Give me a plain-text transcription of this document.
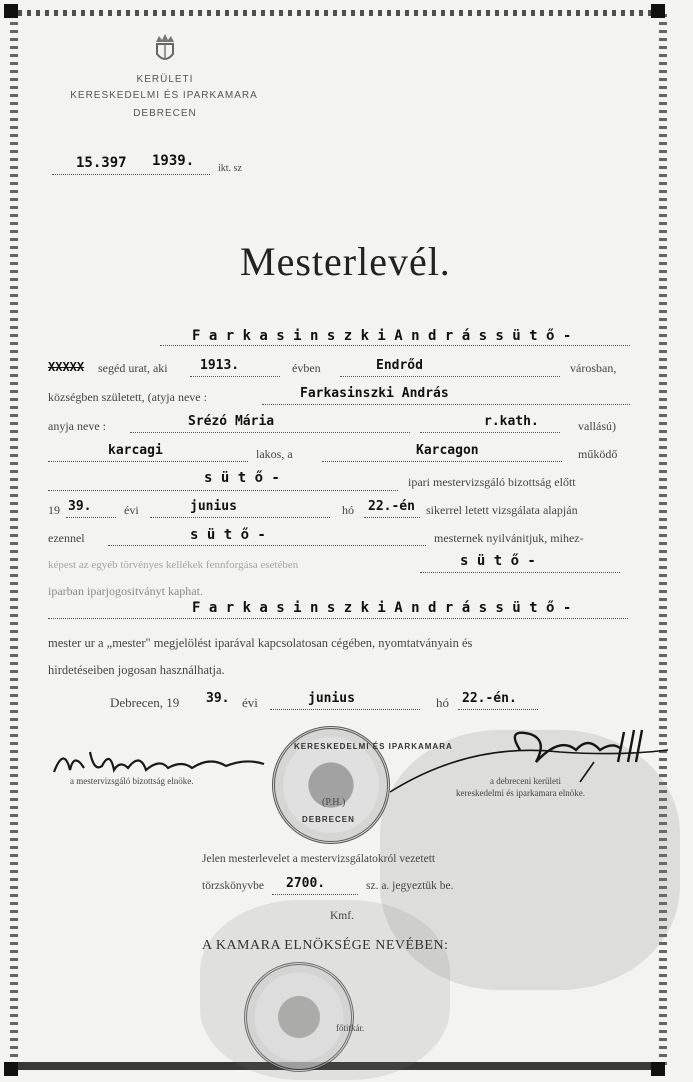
KERÜLETI
KERESKEDELMI ÉS IPARKAMARA
DEBRECEN
15.397 1939. ikt. sz
Mesterlevél.
F a r k a s i n s z k i A n d r á s s ü t ő -
XXXXX segéd urat, aki 1913.	évben	Endrőd	városban,
községben született, (atyja neve :	Farkasinszki András
anyja neve :	Srézó Mária	r.kath.	vallású)
karcagi	lakos, a	Karcagon	működő
s ü t ő -	ipari mestervizsgáló bizottság előtt
19 39.	évi	junius	hó 22.-én sikerrel letett vizsgálata alapján
ezennel	s ü t ő -	mesternek nyilvánitjuk, mihez-
képest az egyéb törvényes kellékek fennforgása esetében	s ü t ő -
iparban iparjogositványt kaphat.
F a r k a s i n s z k i A n d r á s s ü t ő -
mester ur a „mester" megjelölést iparával kapcsolatosan cégében, nyomtatványain és
hirdetéseiben jogosan használhatja.
Debrecen, 19 39. évi	junius	hó 22.-én.
a mestervizsgáló bizottság elnöke.
KERESKEDELMI ÉS IPARKAMARA
DEBRECEN
(P.H.)
a debreceni kerületi
kereskedelmi és iparkamara elnöke.
Jelen mesterlevelet a mestervizsgálatokról vezetett
törzskönyvbe 2700.	sz. a. jegyeztük be.
Kmf.
A KAMARA ELNÖKSÉGE NEVÉBEN:
főtitkár.
